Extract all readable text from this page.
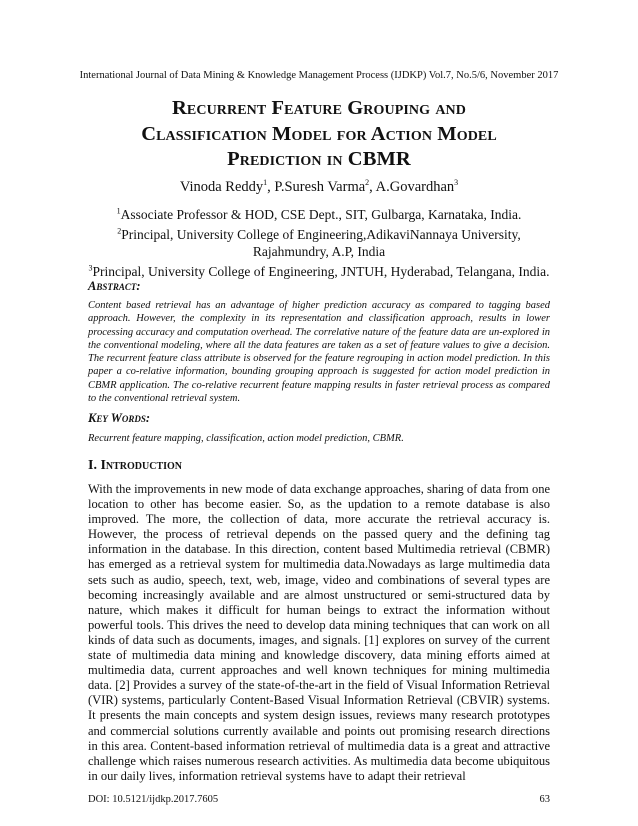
International Journal of Data Mining & Knowledge Management Process (IJDKP) Vol.7, No.5/6, November 2017
Recurrent Feature Grouping and
Classification Model for Action Model
Prediction in CBMR
Vinoda Reddy$^1$, P.Suresh Varma$^2$, A.Govardhan$^3$

$^1$Associate Professor & HOD, CSE Dept., SIT, Gulbarga, Karnataka, India.

$^2$Principal, University College of Engineering,AdikaviNannaya University, Rajahmundry, A.P, India

$^3$Principal, University College of Engineering, JNTUH, Hyderabad, Telangana, India.

Abstract:
Content based retrieval has an advantage of higher prediction accuracy as compared to tagging based approach. However, the complexity in its representation and classification approach, results in lower processing accuracy and computation overhead. The correlative nature of the feature data are un-explored in the conventional modeling, where all the data features are taken as a set of feature values to give a decision. The recurrent feature class attribute is observed for the feature regrouping in action model prediction. In this paper a co-relative information, bounding grouping approach is suggested for action model prediction in CBMR application. The co-relative recurrent feature mapping results in faster retrieval process as compared to the conventional retrieval system.
Key Words:
Recurrent feature mapping, classification, action model prediction, CBMR.
I. Introduction
With the improvements in new mode of data exchange approaches, sharing of data from one location to other has become easier. So, as the updation to a remote database is also improved. The more, the collection of data, more accurate the retrieval accuracy is. However, the process of retrieval depends on the passed query and the defining tag information in the database. In this direction, content based Multimedia retrieval (CBMR) has emerged as a retrieval system for multimedia data.Nowadays as large multimedia data sets such as audio, speech, text, web, image, video and combinations of several types are becoming increasingly available and are almost unstructured or semi-structured data by nature, which makes it difficult for human beings to extract the information without powerful tools. This drives the need to develop data mining techniques that can work on all kinds of data such as documents, images, and signals. [1] explores on survey of the current state of multimedia data mining and knowledge discovery, data mining efforts aimed at multimedia data, current approaches and well known techniques for mining multimedia data. [2] Provides a survey of the state-of-the-art in the field of Visual Information Retrieval (VIR) systems, particularly Content-Based Visual Information Retrieval (CBVIR) systems. It presents the main concepts and system design issues, reviews many research prototypes and commercial solutions currently available and points out promising research directions in this area. Content-based information retrieval of multimedia data is a great and attractive challenge which raises numerous research activities. As multimedia data become ubiquitous in our daily lives, information retrieval systems have to adapt their retrieval
DOI: 10.5121/ijdkp.2017.7605	63
